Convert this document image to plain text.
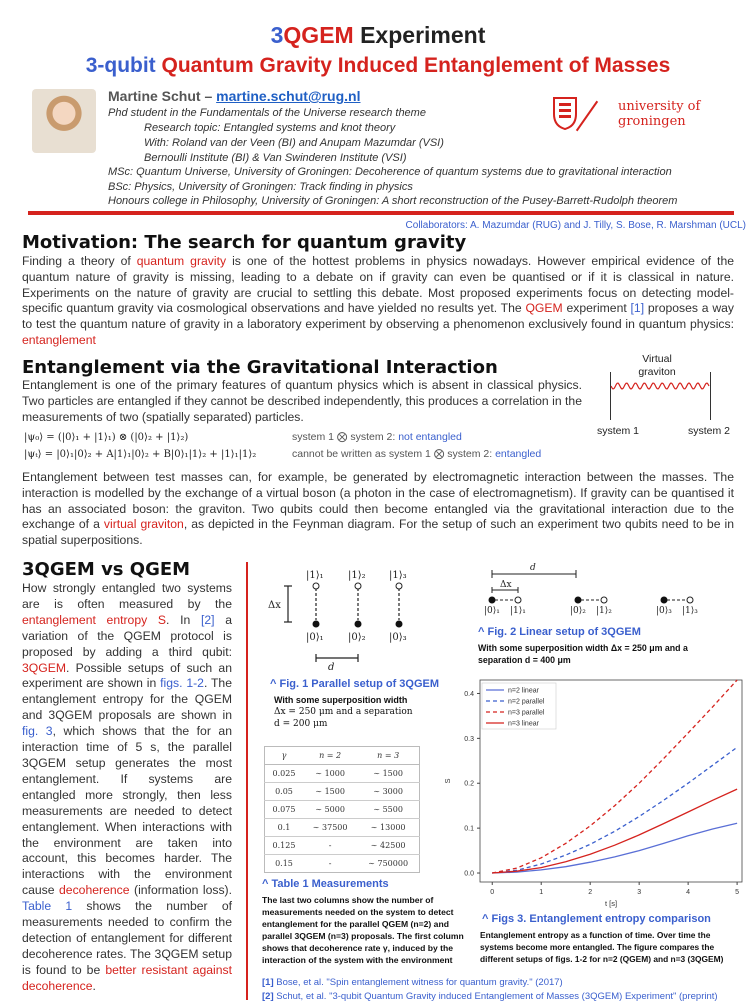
3QGEM Experiment
3-qubit Quantum Gravity Induced Entanglement of Masses
Martine Schut – martine.schut@rug.nl
Phd student in the Fundamentals of the Universe research theme
Research topic: Entangled systems and knot theory
With: Roland van der Veen (BI) and Anupam Mazumdar (VSI)
Bernoulli Institute (BI) & Van Swinderen Institute (VSI)
MSc: Quantum Universe, University of Groningen: Decoherence of quantum systems due to gravitational interaction
BSc: Physics, University of Groningen: Track finding in physics
Honours college in Philosophy, University of Groningen: A short reconstruction of the Pusey-Barrett-Rudolph theorem
university of
groningen
Collaborators: A. Mazumdar (RUG) and J. Tilly, S. Bose, R. Marshman (UCL)
Motivation: The search for quantum gravity
Finding a theory of quantum gravity is one of the hottest problems in physics nowadays. However empirical evidence of the quantum nature of gravity is missing, leading to a debate on if gravity can even be quantised or if it is classical in nature. Experiments on the nature of gravity are crucial to settling this debate. Most proposed experiments focus on detecting model-specific quantum gravity via cosmological observations and have yielded no results yet. The QGEM experiment [1] proposes a way to test the quantum nature of gravity in a laboratory experiment by observing a phenomenon exclusively found in quantum physics: entanglement
Entanglement via the Gravitational Interaction
Entanglement is one of the primary features of quantum physics which is absent in classical physics. Two particles are entangled if they cannot be described independently, this produces a correlation in the measurements of two (spatially separated) particles.
Virtual
graviton
system 1	system 2
|ψ₀⟩ = (|0⟩₁ + |1⟩₁) ⊗ (|0⟩₂ + |1⟩₂)	system 1 ⨂ system 2: not entangled
|ψₜ⟩ = |0⟩₁|0⟩₂ + A|1⟩₁|0⟩₂ + B|0⟩₁|1⟩₂ + |1⟩₁|1⟩₂	cannot be written as system 1 ⨂ system 2: entangled
Entanglement between test masses can, for example, be generated by electromagnetic interaction between the masses. The interaction is modelled by the exchange of a virtual boson (a photon in the case of electromagnetism). If gravity can be quantised it has an associated boson: the graviton. Two qubits could then become entangled via the gravitational interaction due to the exchange of a virtual graviton, as depicted in the Feynman diagram. For the setup of such an experiment two qubits need to be in spatial superpositions.
3QGEM vs QGEM
How strongly entangled two systems are is often measured by the entanglement entropy S. In [2] a variation of the QGEM protocol is proposed by adding a third qubit: 3QGEM. Possible setups of such an experiment are shown in figs. 1-2. The entanglement entropy for the QGEM and 3QGEM proposals are shown in fig. 3, which shows that the for an interaction time of 5 s, the parallel 3QGEM setup generates the most entanglement. If systems are entangled more strongly, then less measurements are needed to detect entanglement. When interactions with the environment are taken into account, this becomes harder. The interactions with the environment cause decoherence (information loss). Table 1 shows the number of measurements needed to confirm the detection of entanglement for different decoherence rates. The 3QGEM setup is found to be better resistant against decoherence.
|1⟩₁ |1⟩₂ |1⟩₃
|0⟩₁ |0⟩₂ |0⟩₃
Δx
d
^ Fig. 1 Parallel setup of 3QGEM
With some superposition width
Δx = 250 μm and a separation
d = 200 μm
d
Δx
|0⟩₁ |1⟩₁	|0⟩₂ |1⟩₂	|0⟩₃ |1⟩₃
^ Fig. 2 Linear setup of 3QGEM
With some superposition width Δx = 250 μm and a
separation d = 400 μm
γ	n = 2	n = 3
0.025	∼ 1000	∼ 1500
0.05	∼ 1500	∼ 3000
0.075	∼ 5000	∼ 5500
0.1	∼ 37500	∼ 13000
0.125	-	∼ 42500
0.15	-	∼ 750000
^ Table 1 Measurements
The last two columns show the number of
measurements needed on the system to detect
entanglement for the parallel QGEM (n=2) and
parallel 3QGEM (n=3) proposals. The first column
shows that decoherence rate γ, induced by the
interaction of the system with the environment
0	1	2	3	4	5
0.0
0.1
0.2
0.3
0.4
t [s]
S
n=2 linear
n=2 parallel
n=3 parallel
n=3 linear
^ Figs 3. Entanglement entropy comparison
Entanglement entropy as a function of time. Over time the
systems become more entangled. The figure compares the
different setups of figs. 1-2 for n=2 (QGEM) and n=3 (3QGEM)
[1] Bose, et al. "Spin entanglement witness for quantum gravity." (2017)
[2] Schut, et al. "3-qubit Quantum Gravity induced Entanglement of Masses (3QGEM) Experiment" (preprint)
